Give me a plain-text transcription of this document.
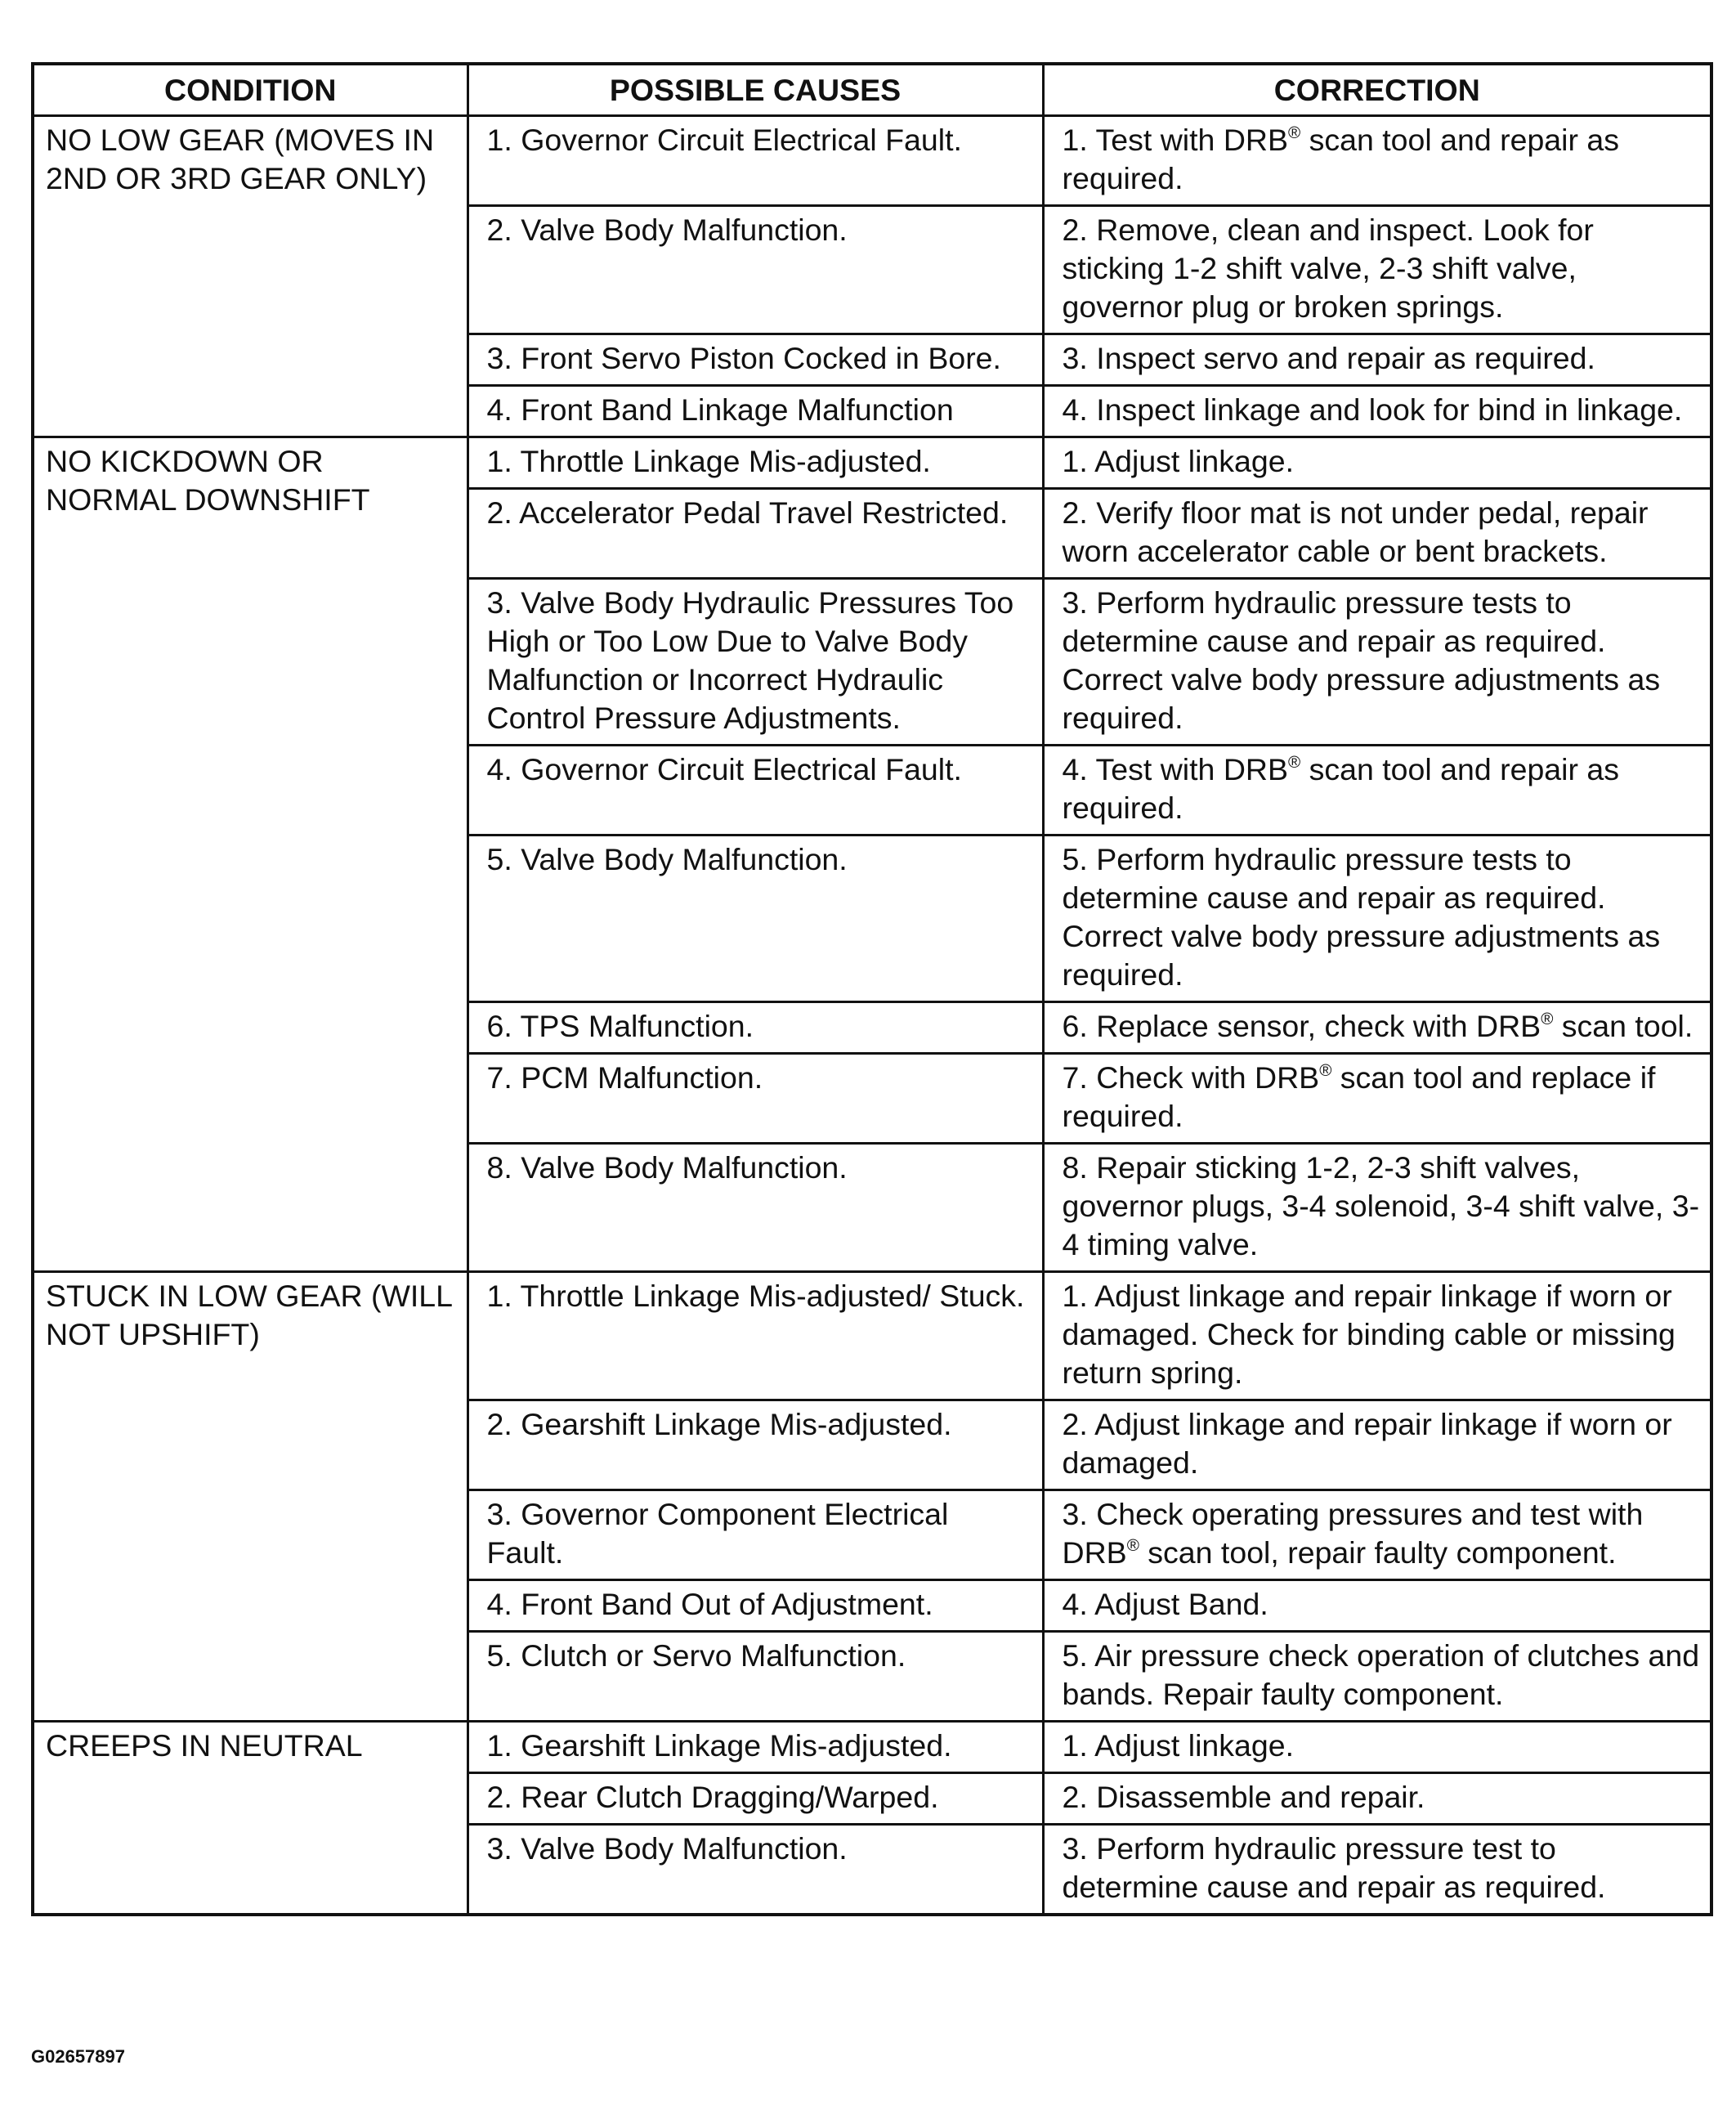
CONDITION	POSSIBLE CAUSES	CORRECTION
NO LOW GEAR (MOVES IN 2ND OR 3RD GEAR ONLY)	1. Governor Circuit Electrical Fault.	1. Test with DRB® scan tool and repair as required.
	2. Valve Body Malfunction.	2. Remove, clean and inspect. Look for sticking 1-2 shift valve, 2-3 shift valve, governor plug or broken springs.
	3. Front Servo Piston Cocked in Bore.	3. Inspect servo and repair as required.
	4. Front Band Linkage Malfunction	4. Inspect linkage and look for bind in linkage.
NO KICKDOWN OR NORMAL DOWNSHIFT	1. Throttle Linkage Mis-adjusted.	1. Adjust linkage.
	2. Accelerator Pedal Travel Restricted.	2. Verify floor mat is not under pedal, repair worn accelerator cable or bent brackets.
	3. Valve Body Hydraulic Pressures Too High or Too Low Due to Valve Body Malfunction or Incorrect Hydraulic Control Pressure Adjustments.	3. Perform hydraulic pressure tests to determine cause and repair as required. Correct valve body pressure adjustments as required.
	4. Governor Circuit Electrical Fault.	4. Test with DRB® scan tool and repair as required.
	5. Valve Body Malfunction.	5. Perform hydraulic pressure tests to determine cause and repair as required. Correct valve body pressure adjustments as required.
	6. TPS Malfunction.	6. Replace sensor, check with DRB® scan tool.
	7. PCM Malfunction.	7. Check with DRB® scan tool and replace if required.
	8. Valve Body Malfunction.	8. Repair sticking 1-2, 2-3 shift valves, governor plugs, 3-4 solenoid, 3-4 shift valve, 3-4 timing valve.
STUCK IN LOW GEAR (WILL NOT UPSHIFT)	1. Throttle Linkage Mis-adjusted/ Stuck.	1. Adjust linkage and repair linkage if worn or damaged. Check for binding cable or missing return spring.
	2. Gearshift Linkage Mis-adjusted.	2. Adjust linkage and repair linkage if worn or damaged.
	3. Governor Component Electrical Fault.	3. Check operating pressures and test with DRB® scan tool, repair faulty component.
	4. Front Band Out of Adjustment.	4. Adjust Band.
	5. Clutch or Servo Malfunction.	5. Air pressure check operation of clutches and bands. Repair faulty component.
CREEPS IN NEUTRAL	1. Gearshift Linkage Mis-adjusted.	1. Adjust linkage.
	2. Rear Clutch Dragging/Warped.	2. Disassemble and repair.
	3. Valve Body Malfunction.	3. Perform hydraulic pressure test to determine cause and repair as required.
G02657897
